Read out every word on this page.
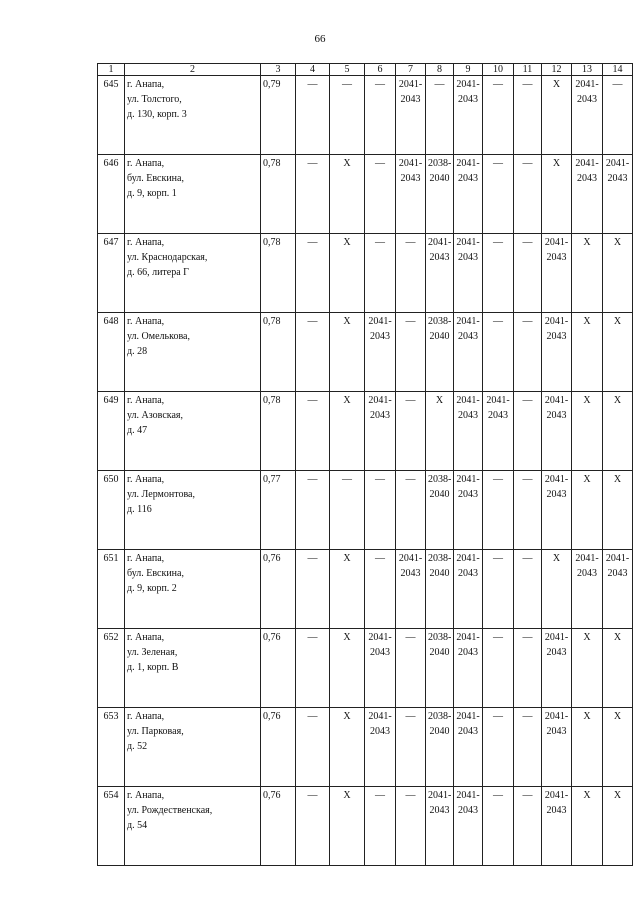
66
1	2	3	4	5	6	7	8	9	10	11	12	13	14
645	г. Анапа,
ул. Толстого,
д. 130, корп. 3	0,79	—	—	—	2041-
2043	—	2041-
2043	—	—	Х	2041-
2043	—

646	г. Анапа,
бул. Евскина,
д. 9, корп. 1	0,78	—	Х	—	2041-
2043	2038-
2040	2041-
2043	—	—	Х	2041-
2043	2041-
2043

647	г. Анапа,
ул. Краснодарская,
д. 66, литера Г	0,78	—	Х	—	—	2041-
2043	2041-
2043	—	—	2041-
2043	Х	Х

648	г. Анапа,
ул. Омелькова,
д. 28	0,78	—	Х	2041-
2043	—	2038-
2040	2041-
2043	—	—	2041-
2043	Х	Х

649	г. Анапа,
ул. Азовская,
д. 47	0,78	—	Х	2041-
2043	—	Х	2041-
2043	2041-
2043	—	2041-
2043	Х	Х

650	г. Анапа,
ул. Лермонтова,
д. 116	0,77	—	—	—	—	2038-
2040	2041-
2043	—	—	2041-
2043	Х	Х

651	г. Анапа,
бул. Евскина,
д. 9, корп. 2	0,76	—	Х	—	2041-
2043	2038-
2040	2041-
2043	—	—	Х	2041-
2043	2041-
2043

652	г. Анапа,
ул. Зеленая,
д. 1, корп. В	0,76	—	Х	2041-
2043	—	2038-
2040	2041-
2043	—	—	2041-
2043	Х	Х

653	г. Анапа,
ул. Парковая,
д. 52	0,76	—	Х	2041-
2043	—	2038-
2040	2041-
2043	—	—	2041-
2043	Х	Х

654	г. Анапа,
ул. Рождественская,
д. 54	0,76	—	Х	—	—	2041-
2043	2041-
2043	—	—	2041-
2043	Х	Х
